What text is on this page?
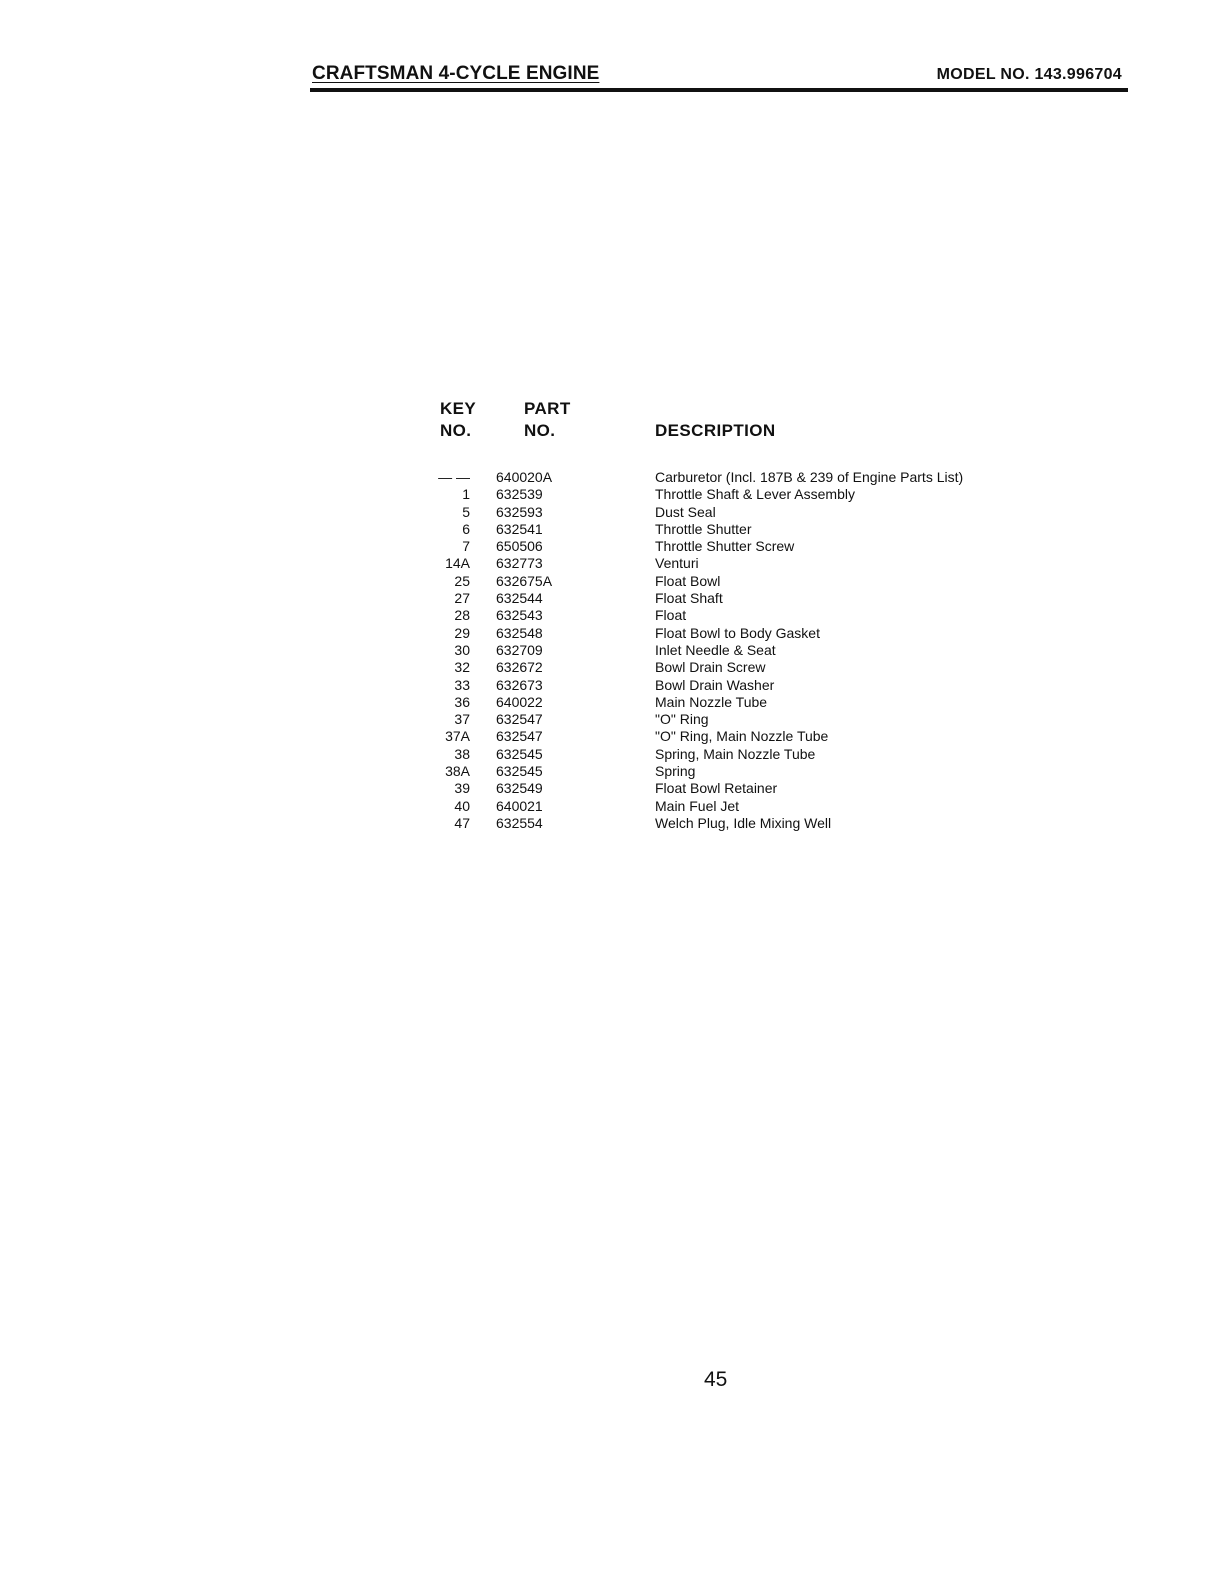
CRAFTSMAN 4-CYCLE ENGINE	MODEL NO. 143.996704
KEY
NO.
PART
NO.	DESCRIPTION
— — 640020A	Carburetor (Incl. 187B & 239 of Engine Parts List)
1 632539	Throttle Shaft & Lever Assembly
5 632593	Dust Seal
6 632541	Throttle Shutter
7 650506	Throttle Shutter Screw
14A 632773	Venturi
25 632675A	Float Bowl
27 632544	Float Shaft
28 632543	Float
29 632548	Float Bowl to Body Gasket
30 632709	Inlet Needle & Seat
32 632672	Bowl Drain Screw
33 632673	Bowl Drain Washer
36 640022	Main Nozzle Tube
37 632547	"O" Ring
37A 632547	"O" Ring, Main Nozzle Tube
38 632545	Spring, Main Nozzle Tube
38A 632545	Spring
39 632549	Float Bowl Retainer
40 640021	Main Fuel Jet
47 632554	Welch Plug, Idle Mixing Well
45
